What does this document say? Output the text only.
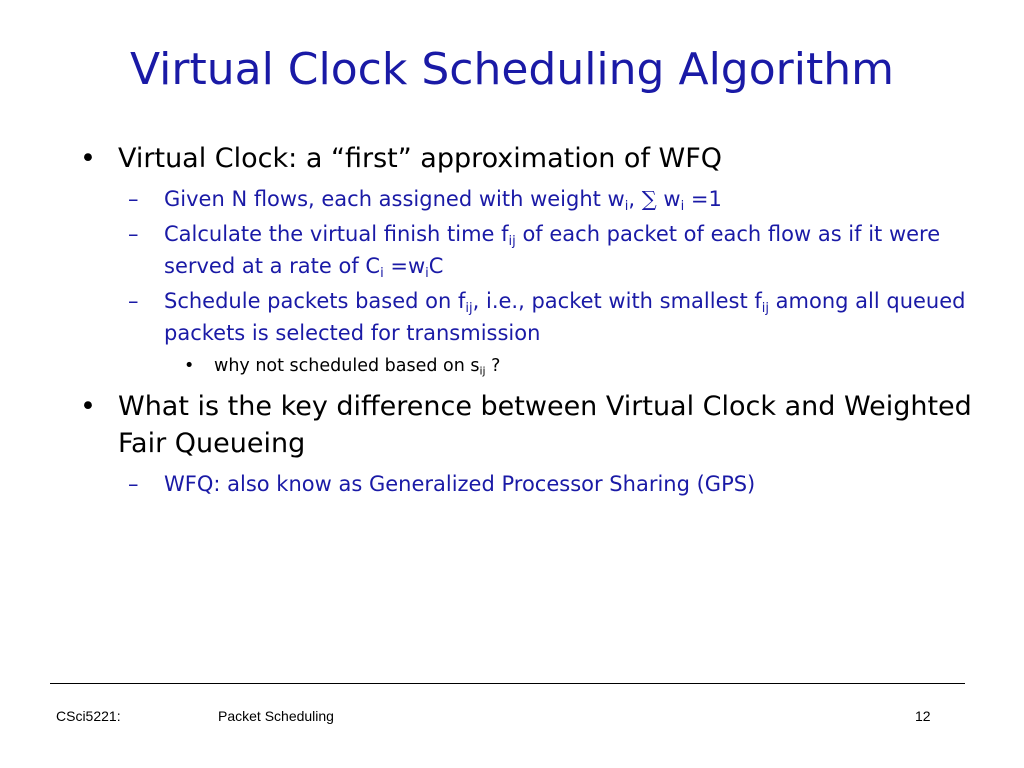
Virtual Clock Scheduling Algorithm
• Virtual Clock: a “first” approximation of WFQ
– Given N flows, each assigned with weight $w_i$, ∑ $w_i =1$
– Calculate the virtual finish time $f_{ij}$ of each packet of each flow as if it were served at a rate of $C_i =w_iC$
– Schedule packets based on $f_{ij}$, i.e., packet with smallest $f_{ij}$ among all queued packets is selected for transmission
• why not scheduled based on $s_{ij}$ ?
• What is the key difference between Virtual Clock and Weighted Fair Queueing
– WFQ: also know as Generalized Processor Sharing (GPS)
CSci5221:	Packet Scheduling	12
